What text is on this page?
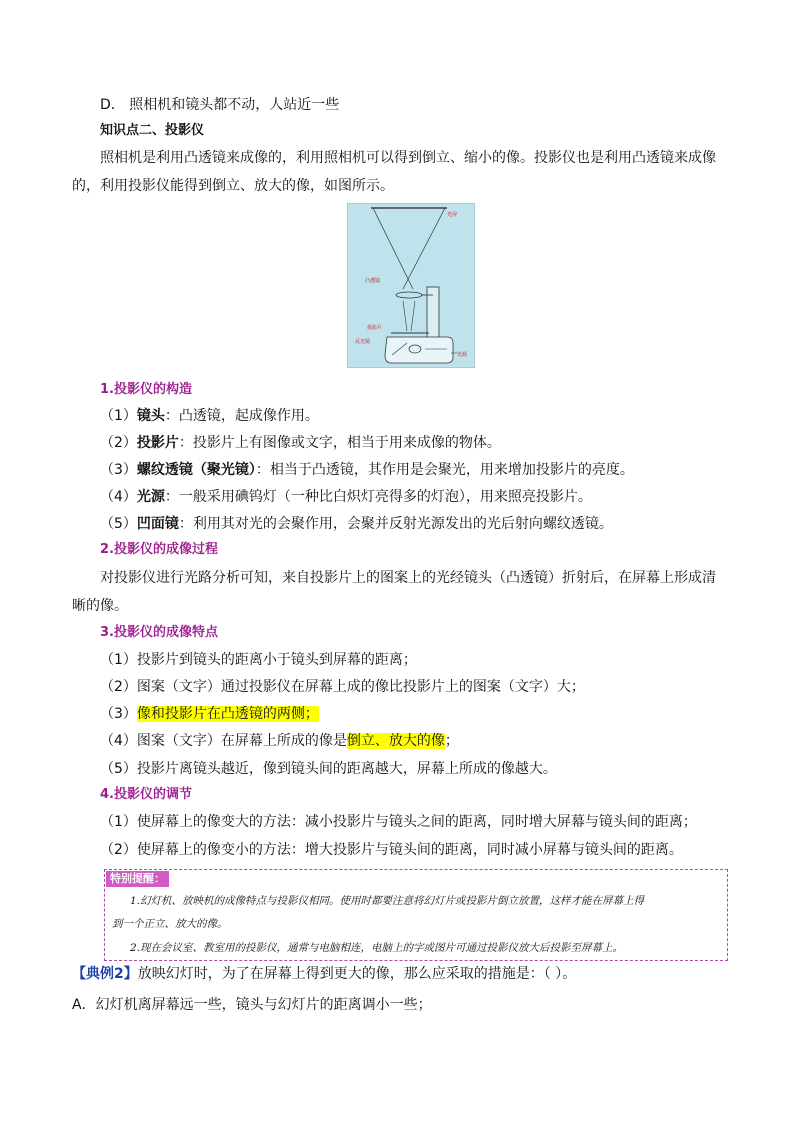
D． 照相机和镜头都不动，人站近一些
知识点二、投影仪
照相机是利用凸透镜来成像的，利用照相机可以得到倒立、缩小的像。投影仪也是利用凸透镜来成像
的，利用投影仪能得到倒立、放大的像，如图所示。
光屏
凸透镜
投影片
反光镜
光源
1.投影仪的构造
（1）镜头：凸透镜，起成像作用。
（2）投影片：投影片上有图像或文字，相当于用来成像的物体。
（3）螺纹透镜（聚光镜）：相当于凸透镜，其作用是会聚光，用来增加投影片的亮度。
（4）光源：一般采用碘钨灯（一种比白炽灯亮得多的灯泡），用来照亮投影片。
（5）凹面镜：利用其对光的会聚作用，会聚并反射光源发出的光后射向螺纹透镜。
2.投影仪的成像过程
对投影仪进行光路分析可知，来自投影片上的图案上的光经镜头（凸透镜）折射后，在屏幕上形成清
晰的像。
3.投影仪的成像特点
（1）投影片到镜头的距离小于镜头到屏幕的距离；
（2）图案（文字）通过投影仪在屏幕上成的像比投影片上的图案（文字）大；
（3）像和投影片在凸透镜的两侧；
（4）图案（文字）在屏幕上所成的像是倒立、放大的像；
（5）投影片离镜头越近，像到镜头间的距离越大，屏幕上所成的像越大。
4.投影仪的调节
（1）使屏幕上的像变大的方法：减小投影片与镜头之间的距离，同时增大屏幕与镜头间的距离；
（2）使屏幕上的像变小的方法：增大投影片与镜头间的距离，同时减小屏幕与镜头间的距离。
特别提醒：
1.幻灯机、放映机的成像特点与投影仪相同。使用时都要注意将幻灯片或投影片倒立放置，这样才能在屏幕上得
到一个正立、放大的像。
2.现在会议室、教室用的投影仪，通常与电脑相连，电脑上的字或图片可通过投影仪放大后投影至屏幕上。
【典例2】放映幻灯时，为了在屏幕上得到更大的像，那么应采取的措施是：（ ）。
A．幻灯机离屏幕远一些，镜头与幻灯片的距离调小一些；
